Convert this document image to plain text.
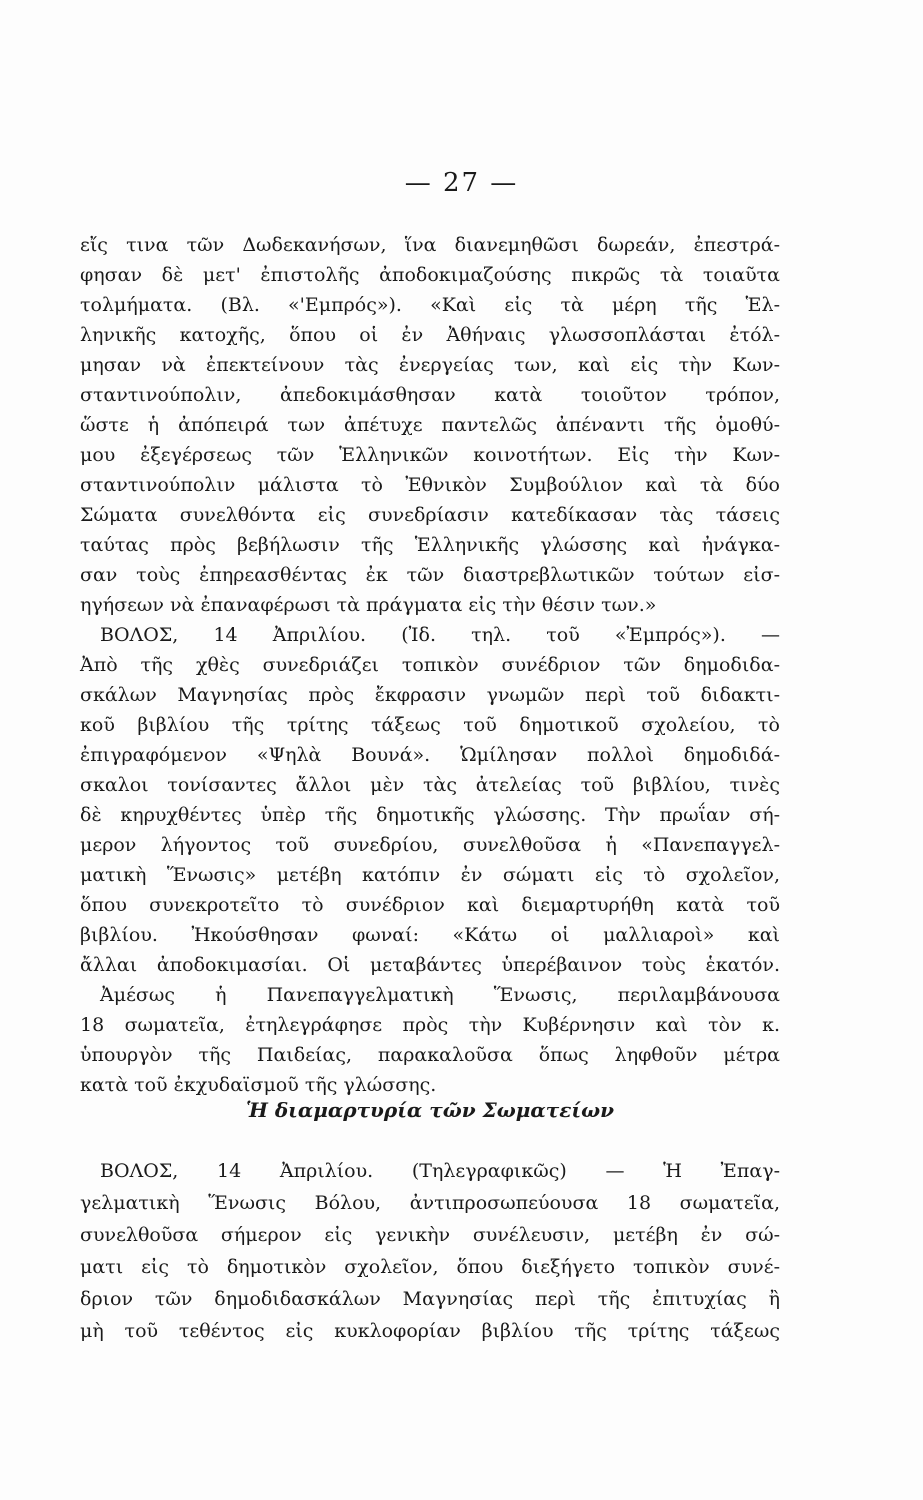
— 27 —
εἴς τινα τῶν Δωδεκανήσων, ἵνα διανεμηθῶσι δωρεάν, ἐπεστρά-
φησαν δὲ μετ' ἐπιστολῆς ἀποδοκιμαζούσης πικρῶς τὰ τοιαῦτα
τολμήματα. (Βλ. «'Εμπρός»). «Καὶ εἰς τὰ μέρη τῆς Ἑλ-
ληνικῆς κατοχῆς, ὅπου οἱ ἐν Ἀθήναις γλωσσοπλάσται ἐτόλ-
μησαν νὰ ἐπεκτείνουν τὰς ἐνεργείας των, καὶ εἰς τὴν Κων-
σταντινούπολιν, ἀπεδοκιμάσθησαν κατὰ τοιοῦτον τρόπον,
ὥστε ἡ ἀπόπειρά των ἀπέτυχε παντελῶς ἀπέναντι τῆς ὁμοθύ-
μου ἐξεγέρσεως τῶν Ἑλληνικῶν κοινοτήτων. Εἰς τὴν Κων-
σταντινούπολιν μάλιστα τὸ Ἐθνικὸν Συμβούλιον καὶ τὰ δύο
Σώματα συνελθόντα εἰς συνεδρίασιν κατεδίκασαν τὰς τάσεις
ταύτας πρὸς βεβήλωσιν τῆς Ἑλληνικῆς γλώσσης καὶ ἠνάγκα-
σαν τοὺς ἐπηρεασθέντας ἐκ τῶν διαστρεβλωτικῶν τούτων εἰσ-
ηγήσεων νὰ ἐπαναφέρωσι τὰ πράγματα εἰς τὴν θέσιν των.»
ΒΟΛΟΣ, 14 Ἀπριλίου. (Ἰδ. τηλ. τοῦ «Ἐμπρός»). —
Ἀπὸ τῆς χθὲς συνεδριάζει τοπικὸν συνέδριον τῶν δημοδιδα-
σκάλων Μαγνησίας πρὸς ἔκφρασιν γνωμῶν περὶ τοῦ διδακτι-
κοῦ βιβλίου τῆς τρίτης τάξεως τοῦ δημοτικοῦ σχολείου, τὸ
ἐπιγραφόμενον «Ψηλὰ Βουνά». Ὡμίλησαν πολλοὶ δημοδιδά-
σκαλοι τονίσαντες ἄλλοι μὲν τὰς ἀτελείας τοῦ βιβλίου, τινὲς
δὲ κηρυχθέντες ὑπὲρ τῆς δημοτικῆς γλώσσης. Τὴν πρωΐαν σή-
μερον λήγοντος τοῦ συνεδρίου, συνελθοῦσα ἡ «Πανεπαγγελ-
ματικὴ Ἕνωσις» μετέβη κατόπιν ἐν σώματι εἰς τὸ σχολεῖον,
ὅπου συνεκροτεῖτο τὸ συνέδριον καὶ διεμαρτυρήθη κατὰ τοῦ
βιβλίου. Ἠκούσθησαν φωναί: «Κάτω οἱ μαλλιαροὶ» καὶ
ἄλλαι ἀποδοκιμασίαι. Οἱ μεταβάντες ὑπερέβαινον τοὺς ἑκατόν.
Ἀμέσως ἡ Πανεπαγγελματικὴ Ἕνωσις, περιλαμβάνουσα
18 σωματεῖα, ἐτηλεγράφησε πρὸς τὴν Κυβέρνησιν καὶ τὸν κ.
ὑπουργὸν τῆς Παιδείας, παρακαλοῦσα ὅπως ληφθοῦν μέτρα
κατὰ τοῦ ἐκχυδαϊσμοῦ τῆς γλώσσης.
Ἡ διαμαρτυρία τῶν Σωματείων
ΒΟΛΟΣ, 14 Ἀπριλίου. (Τηλεγραφικῶς) — Ἡ Ἐπαγ-
γελματικὴ Ἕνωσις Βόλου, ἀντιπροσωπεύουσα 18 σωματεῖα,
συνελθοῦσα σήμερον εἰς γενικὴν συνέλευσιν, μετέβη ἐν σώ-
ματι εἰς τὸ δημοτικὸν σχολεῖον, ὅπου διεξήγετο τοπικὸν συνέ-
δριον τῶν δημοδιδασκάλων Μαγνησίας περὶ τῆς ἐπιτυχίας ἢ
μὴ τοῦ τεθέντος εἰς κυκλοφορίαν βιβλίου τῆς τρίτης τάξεως
